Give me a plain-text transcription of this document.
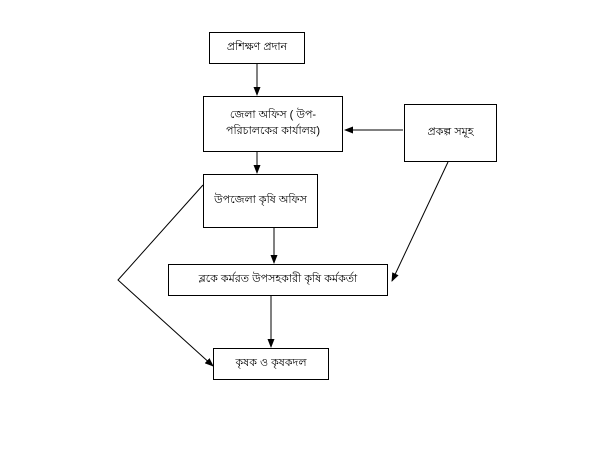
প্রশিক্ষণ প্রদান
জেলা অফিস ( উপ-পরিচালকের কার্যালয়)	প্রকল্প সমূহ
উপজেলা কৃষি অফিস
ব্লকে কর্মরত উপসহকারী কৃষি কর্মকর্তা
কৃষক ও কৃষকদল
